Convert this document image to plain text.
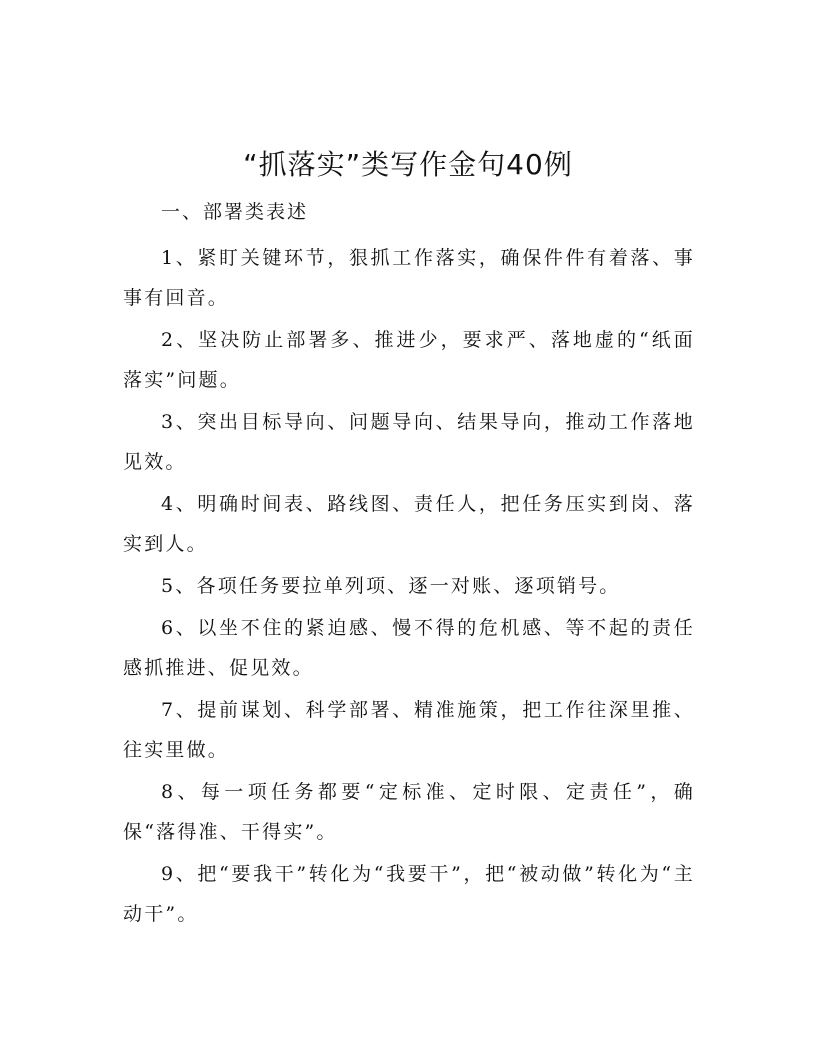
“抓落实”类写作金句40例

一、部署类表述

1、紧盯关键环节，狠抓工作落实，确保件件有着落、事事有回音。

2、坚决防止部署多、推进少，要求严、落地虚的“纸面落实”问题。

3、突出目标导向、问题导向、结果导向，推动工作落地见效。

4、明确时间表、路线图、责任人，把任务压实到岗、落实到人。

5、各项任务要拉单列项、逐一对账、逐项销号。

6、以坐不住的紧迫感、慢不得的危机感、等不起的责任感抓推进、促见效。

7、提前谋划、科学部署、精准施策，把工作往深里推、往实里做。

8、每一项任务都要“定标准、定时限、定责任”，确保“落得准、干得实”。

9、把“要我干”转化为“我要干”，把“被动做”转化为“主动干”。
